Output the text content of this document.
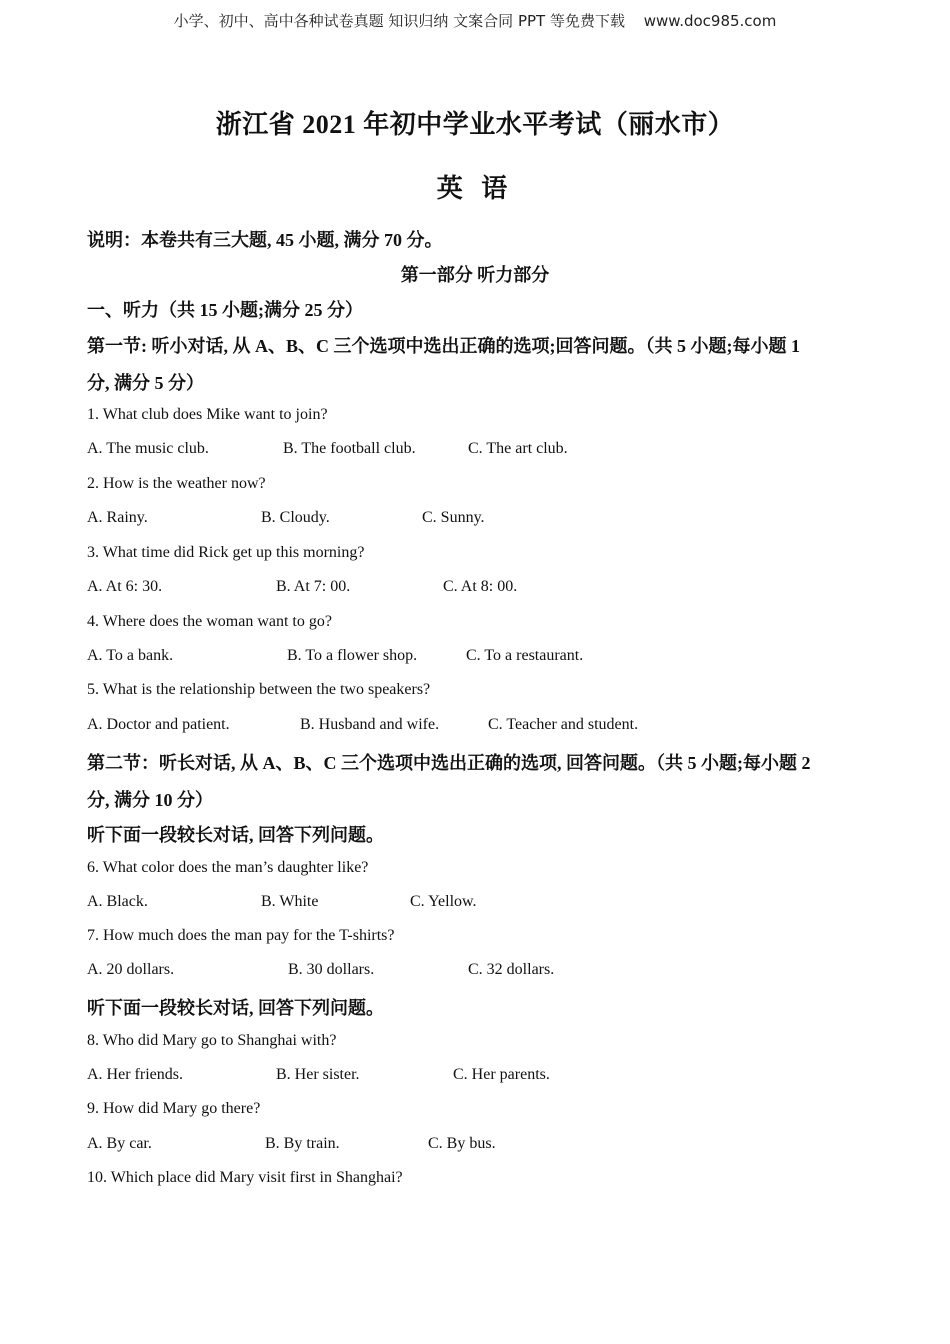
小学、初中、高中各种试卷真题 知识归纳 文案合同 PPT 等免费下载 www.doc985.com
浙江省 2021 年初中学业水平考试（丽水市）
英 语
说明：本卷共有三大题, 45 小题, 满分 70 分。
第一部分 听力部分
一、听力（共 15 小题;满分 25 分）
第一节: 听小对话, 从 A、B、C 三个选项中选出正确的选项;回答问题。（共 5 小题;每小题 1
分, 满分 5 分）
1. What club does Mike want to join?
A. The music club.	B. The football club.	C. The art club.
2. How is the weather now?
A. Rainy.	B. Cloudy.	C. Sunny.
3. What time did Rick get up this morning?
A. At 6: 30.	B. At 7: 00.	C. At 8: 00.
4. Where does the woman want to go?
A. To a bank.	B. To a flower shop.	C. To a restaurant.
5. What is the relationship between the two speakers?
A. Doctor and patient.	B. Husband and wife.	C. Teacher and student.
第二节：听长对话, 从 A、B、C 三个选项中选出正确的选项, 回答问题。（共 5 小题;每小题 2
分, 满分 10 分）
听下面一段较长对话, 回答下列问题。
6. What color does the man’s daughter like?
A. Black.	B. White	C. Yellow.
7. How much does the man pay for the T-shirts?
A. 20 dollars.	B. 30 dollars.	C. 32 dollars.
听下面一段较长对话, 回答下列问题。
8. Who did Mary go to Shanghai with?
A. Her friends.	B. Her sister.	C. Her parents.
9. How did Mary go there?
A. By car.	B. By train.	C. By bus.
10. Which place did Mary visit first in Shanghai?
